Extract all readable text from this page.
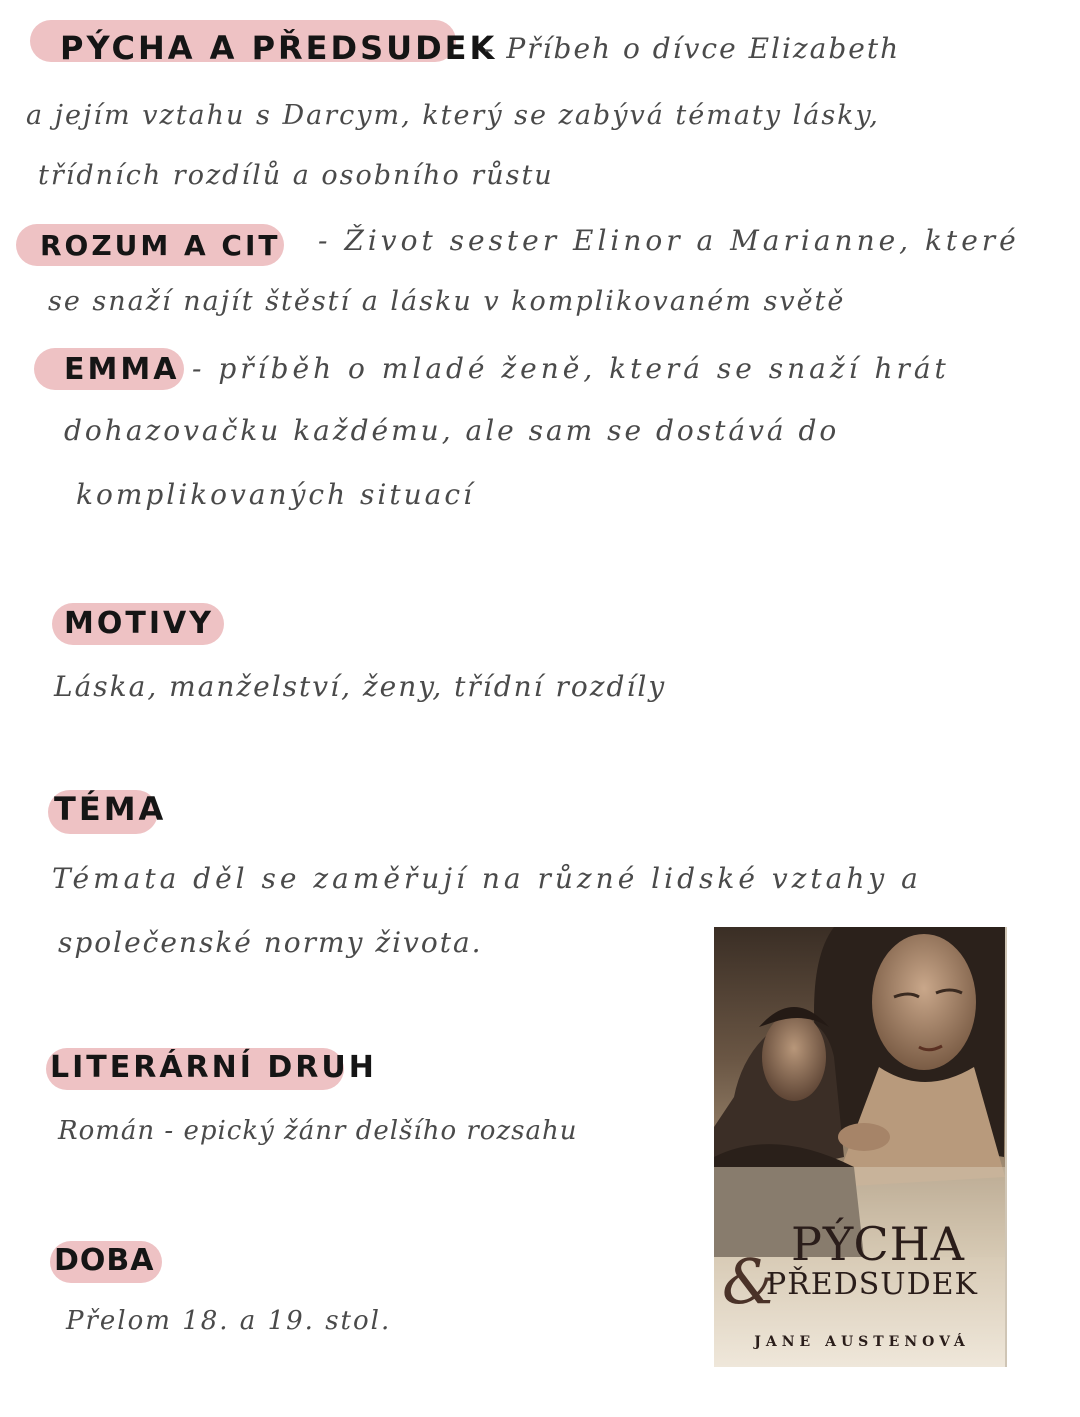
PÝCHA A PŘEDSUDEK
- Příbeh o dívce Elizabeth
a jejím vztahu s Darcym, který se zabývá tématy lásky,
třídních rozdílů a osobního růstu
ROZUM A CIT - Život sester Elinor a Marianne, které
se snaží najít štěstí a lásku v komplikovaném světě
EMMA - příběh o mladé ženě, která se snaží hrát
dohazovačku každému, ale sam se dostává do
komplikovaných situací
MOTIVY
Láska, manželství, ženy, třídní rozdíly
TÉMA
Témata děl se zaměřují na různé lidské vztahy a
společenské normy života.
LITERÁRNÍ DRUH
Román - epický žánr delšího rozsahu
DOBA
Přelom 18. a 19. stol.
&
PÝCHA
PŘEDSUDEK
JANE AUSTENOVÁ
